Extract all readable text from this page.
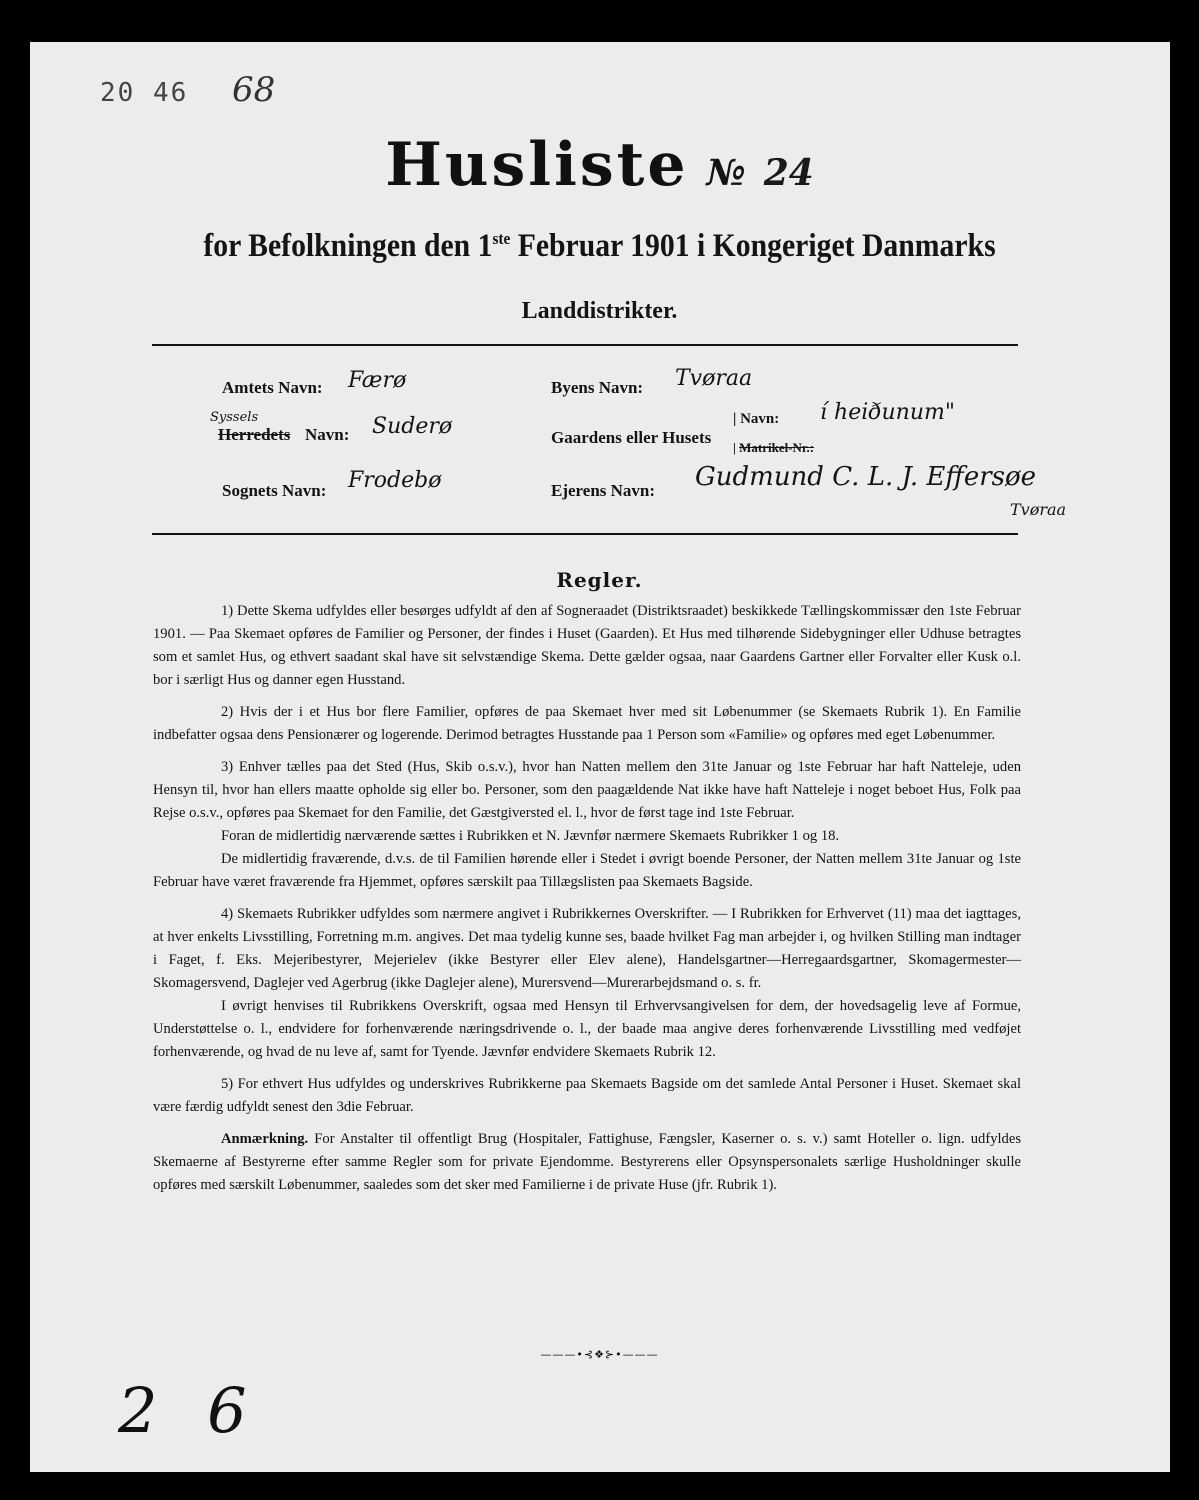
20 46 68
Husliste № 24
for Befolkningen den 1ste Februar 1901 i Kongeriget Danmarks
Landdistrikter.
Amtets Navn: Færø
Syssels
Herredets Navn: Suderø
Sognets Navn: Frodebø
Byens Navn: Tvøraa
Gaardens eller Husets
| Navn: í heiðunum"
| Matrikel-Nr.:
Ejerens Navn: Gudmund C. L. J. Effersøe
Tvøraa
Regler.

1) Dette Skema udfyldes eller besørges udfyldt af den af Sogneraadet (Distriktsraadet) beskikkede Tællingskommissær den 1ste Februar 1901. — Paa Skemaet opføres de Familier og Personer, der findes i Huset (Gaarden). Et Hus med tilhørende Sidebygninger eller Udhuse betragtes som et samlet Hus, og ethvert saadant skal have sit selvstændige Skema. Dette gælder ogsaa, naar Gaardens Gartner eller Forvalter eller Kusk o.l. bor i særligt Hus og danner egen Husstand.

2) Hvis der i et Hus bor flere Familier, opføres de paa Skemaet hver med sit Løbenummer (se Skemaets Rubrik 1). En Familie indbefatter ogsaa dens Pensionærer og logerende. Derimod betragtes Husstande paa 1 Person som «Familie» og opføres med eget Løbenummer.

3) Enhver tælles paa det Sted (Hus, Skib o.s.v.), hvor han Natten mellem den 31te Januar og 1ste Februar har haft Natteleje, uden Hensyn til, hvor han ellers maatte opholde sig eller bo. Personer, som den paagældende Nat ikke have haft Natteleje i noget beboet Hus, Folk paa Rejse o.s.v., opføres paa Skemaet for den Familie, det Gæstgiversted el. l., hvor de først tage ind 1ste Februar.

Foran de midlertidig nærværende sættes i Rubrikken et N. Jævnfør nærmere Skemaets Rubrikker 1 og 18.

De midlertidig fraværende, d.v.s. de til Familien hørende eller i Stedet i øvrigt boende Personer, der Natten mellem 31te Januar og 1ste Februar have været fraværende fra Hjemmet, opføres særskilt paa Tillægslisten paa Skemaets Bagside.

4) Skemaets Rubrikker udfyldes som nærmere angivet i Rubrikkernes Overskrifter. — I Rubrikken for Erhvervet (11) maa det iagttages, at hver enkelts Livsstilling, Forretning m.m. angives. Det maa tydelig kunne ses, baade hvilket Fag man arbejder i, og hvilken Stilling man indtager i Faget, f. Eks. Mejeribestyrer, Mejerielev (ikke Bestyrer eller Elev alene), Handelsgartner—Herregaardsgartner, Skomagermester—Skomagersvend, Daglejer ved Agerbrug (ikke Daglejer alene), Murersvend—Murerarbejdsmand o. s. fr.

I øvrigt henvises til Rubrikkens Overskrift, ogsaa med Hensyn til Erhvervsangivelsen for dem, der hovedsagelig leve af Formue, Understøttelse o. l., endvidere for forhenværende næringsdrivende o. l., der baade maa angive deres forhenværende Livsstilling med vedføjet forhenværende, og hvad de nu leve af, samt for Tyende. Jævnfør endvidere Skemaets Rubrik 12.

5) For ethvert Hus udfyldes og underskrives Rubrikkerne paa Skemaets Bagside om det samlede Antal Personer i Huset. Skemaet skal være færdig udfyldt senest den 3die Februar.

Anmærkning. For Anstalter til offentligt Brug (Hospitaler, Fattighuse, Fængsler, Kaserner o. s. v.) samt Hoteller o. lign. udfyldes Skemaerne af Bestyrerne efter samme Regler som for private Ejendomme. Bestyrerens eller Opsynspersonalets særlige Husholdninger skulle opføres med særskilt Løbenummer, saaledes som det sker med Familierne i de private Huse (jfr. Rubrik 1).

———•⊰❖⊱•———
2 6
